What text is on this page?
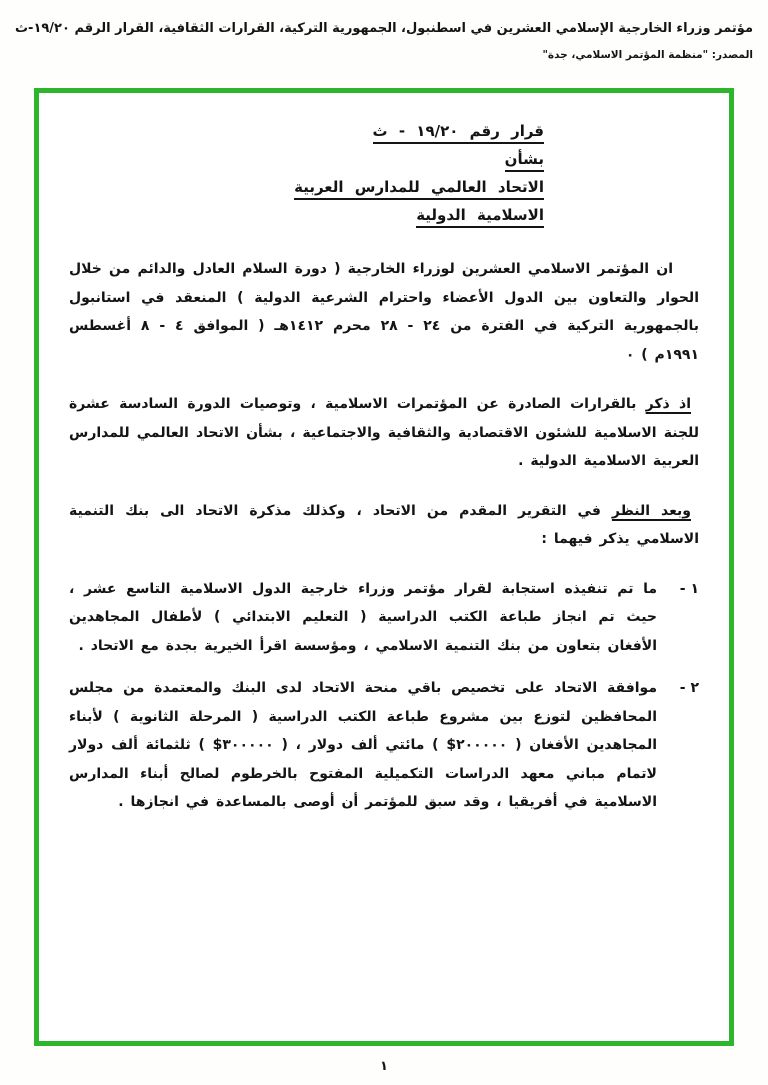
مؤتمر وزراء الخارجية الإسلامي العشرين في اسطنبول، الجمهورية التركية، القرارات الثقافية، القرار الرقم ١٩/٢٠-ث
المصدر: "منظمة المؤتمر الاسلامي، جدة"
قرار رقم ١٩/٢٠ - ث
بشأن
الاتحاد العالمي للمدارس العربية
الاسلامية الدولية

ان المؤتمر الاسلامي العشرين لوزراء الخارجية ( دورة السلام العادل والدائم من خلال الحوار والتعاون بين الدول الأعضاء واحترام الشرعية الدولية ) المنعقد في استانبول بالجمهورية التركية في الفترة من ٢٤ - ٢٨ محرم ١٤١٢هـ ( الموافق ٤ - ٨ أغسطس ١٩٩١م ) ٠

اذ ذكر بالقرارات الصادرة عن المؤتمرات الاسلامية ، وتوصيات الدورة السادسة عشرة للجنة الاسلامية للشئون الاقتصادية والثقافية والاجتماعية ، بشأن الاتحاد العالمي للمدارس العربية الاسلامية الدولية .

وبعد النظر في التقرير المقدم من الاتحاد ، وكذلك مذكرة الاتحاد الى بنك التنمية الاسلامي يذكر فيهما :

١ -
ما تم تنفيذه استجابة لقرار مؤتمر وزراء خارجية الدول الاسلامية التاسع عشر ، حيث تم انجاز طباعة الكتب الدراسية ( التعليم الابتدائي ) لأطفال المجاهدين الأفغان بتعاون من بنك التنمية الاسلامي ، ومؤسسة اقرأ الخيرية بجدة مع الاتحاد .
٢ -
موافقة الاتحاد على تخصيص باقي منحة الاتحاد لدى البنك والمعتمدة من مجلس المحافظين لتوزع بين مشروع طباعة الكتب الدراسية ( المرحلة الثانوية ) لأبناء المجاهدين الأفغان ( ٢٠٠٠٠٠$ ) مائتي ألف دولار ، ( ٣٠٠٠٠٠$ ) ثلثمائة ألف دولار لاتمام مباني معهد الدراسات التكميلية المفتوح بالخرطوم لصالح أبناء المدارس الاسلامية في أفريقيا ، وقد سبق للمؤتمر أن أوصى بالمساعدة في انجازها .
١
